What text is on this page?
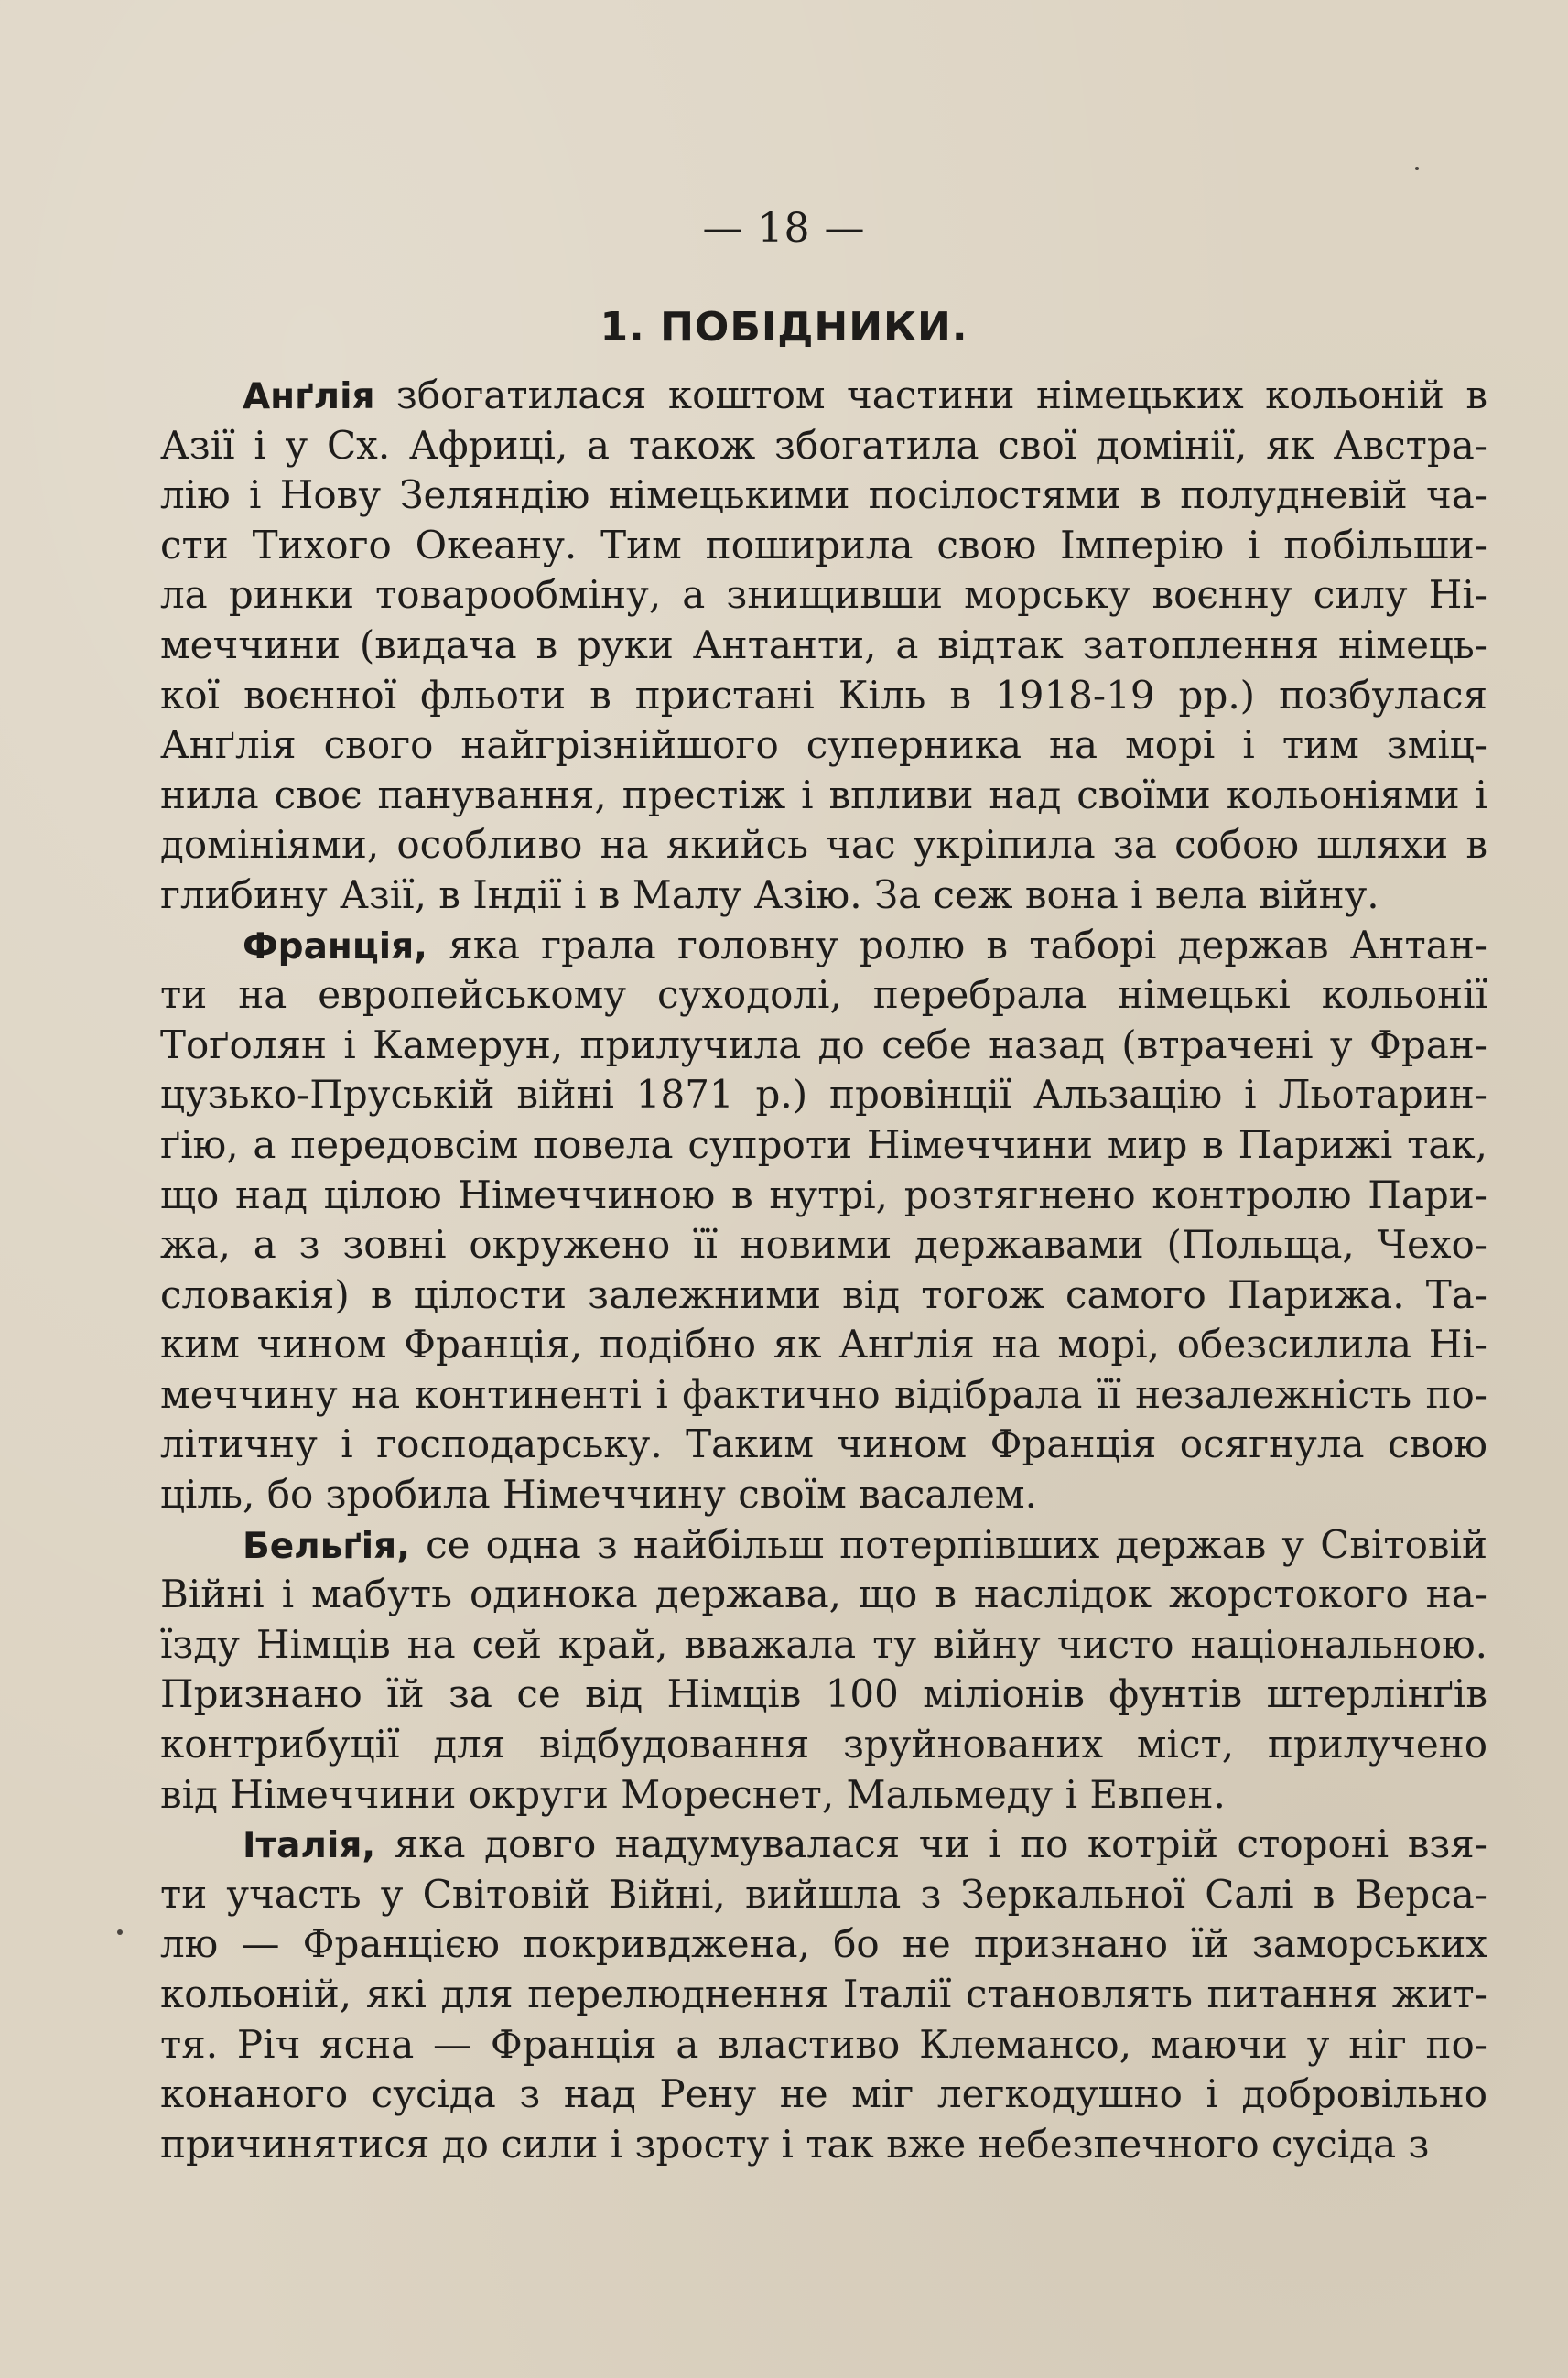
— 18 —
1. ПОБІДНИКИ.
Анґлія збогатилася коштом частини німецьких кольоній в
Азії і у Сх. Африці, а також збогатила свої домінії, як Австра-
лію і Нову Зеляндію німецькими посілостями в полудневій ча-
сти Тихого Океану. Тим поширила свою Імперію і побільши-
ла ринки товарообміну, а знищивши морську воєнну силу Ні-
меччини (видача в руки Антанти, а відтак затоплення німець-
кої воєнної фльоти в пристані Кіль в 1918-19 рр.) позбулася
Анґлія свого найгрізнійшого суперника на морі і тим зміц-
нила своє панування, престіж і впливи над своїми кольоніями і
домініями, особливо на якийсь час укріпила за собою шляхи в
глибину Азії, в Індії і в Малу Азію. За сеж вона і вела війну.
Франція, яка грала головну ролю в таборі держав Антан-
ти на европейському суходолі, перебрала німецькі кольонії
Тоґолян і Камерун, прилучила до себе назад (втрачені у Фран-
цузько-Пруській війні 1871 р.) провінції Альзацію і Льотарин-
ґію, а передовсім повела супроти Німеччини мир в Парижі так,
що над цілою Німеччиною в нутрі, розтягнено контролю Пари-
жа, а з зовні окружено її новими державами (Польща, Чехо-
словакія) в цілости залежними від тогож самого Парижа. Та-
ким чином Франція, подібно як Анґлія на морі, обезсилила Ні-
меччину на континенті і фактично відібрала її незалежність по-
літичну і господарську. Таким чином Франція осягнула свою
ціль, бо зробила Німеччину своїм васалем.
Бельґія, се одна з найбільш потерпівших держав у Світовій
Війні і мабуть одинока держава, що в наслідок жорстокого на-
їзду Німців на сей край, вважала ту війну чисто національною.
Признано їй за се від Німців 100 міліонів фунтів штерлінґів
контрибуції для відбудовання зруйнованих міст, прилучено
від Німеччини округи Мореснет, Мальмеду і Евпен.
Італія, яка довго надумувалася чи і по котрій стороні взя-
ти участь у Світовій Війні, вийшла з Зеркальної Салі в Верса-
лю — Францією покривджена, бо не признано їй заморських
кольоній, які для перелюднення Італії становлять питання жит-
тя. Річ ясна — Франція а властиво Клемансо, маючи у ніг по-
конаного сусіда з над Рену не міг легкодушно і добровільно
причинятися до сили і зросту і так вже небезпечного сусіда з
